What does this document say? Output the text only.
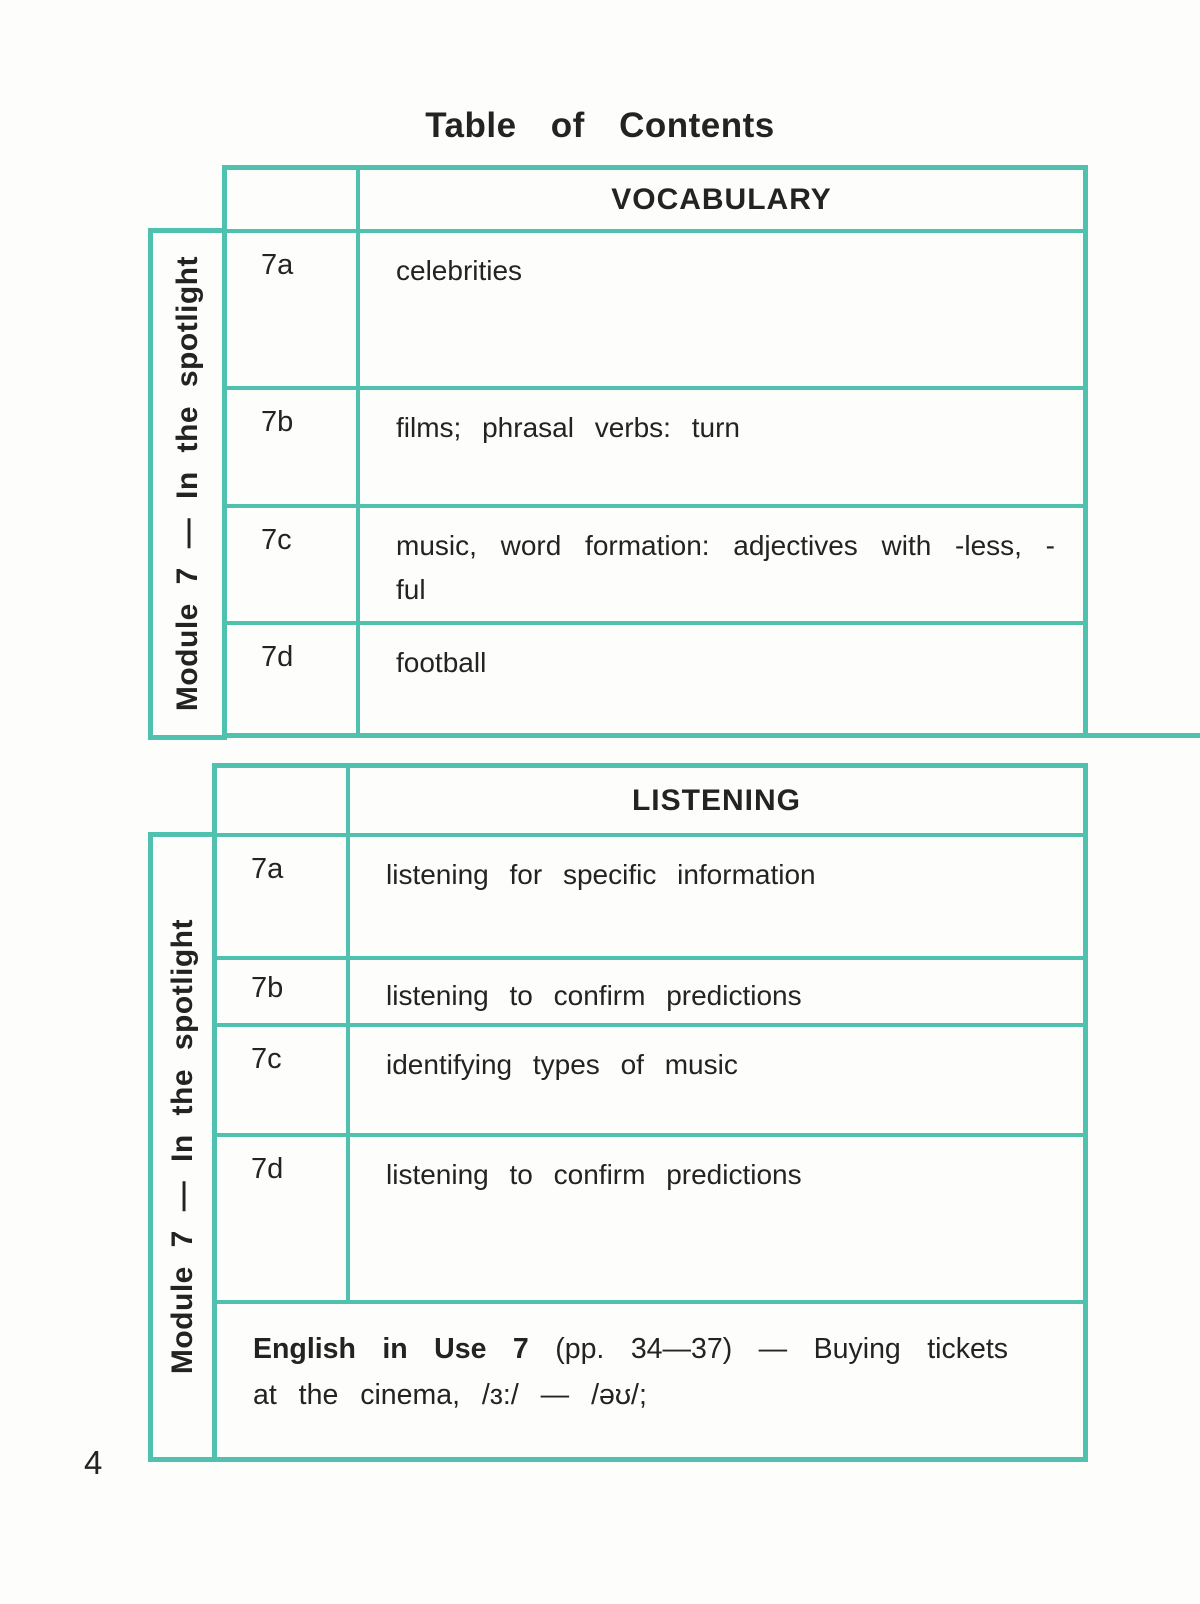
Table of Contents
Module 7 — In the spotlight
VOCABULARY
7a	celebrities

7b	films; phrasal verbs: turn

7c	music, word formation: adjectives with -less, -ful

7d	football

Module 7 — In the spotlight
LISTENING
7a	listening for specific information

7b	listening to confirm predictions

7c	identifying types of music

7d	listening to confirm predictions

English in Use 7 (pp. 34—37) — Buying tickets at the cinema, /ɜ:/ — /əʊ/;

4
